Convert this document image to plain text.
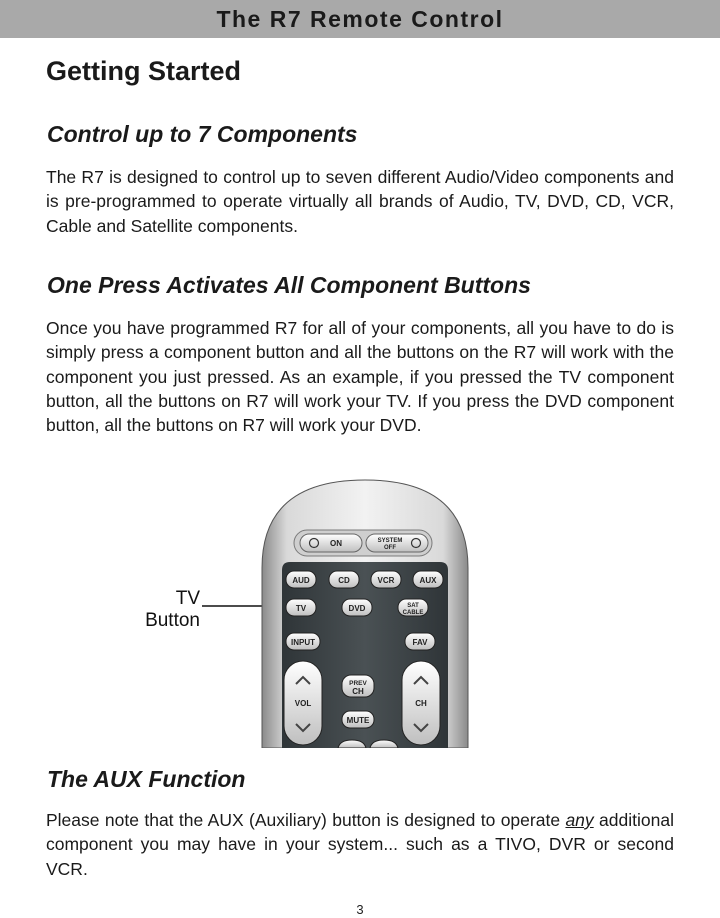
The R7 Remote Control
Getting Started
Control up to 7 Components

The R7 is designed to control up to seven different Audio/Video components and is pre-programmed to operate virtually all brands of Audio, TV, DVD, CD, VCR, Cable and Satellite components.

One Press Activates All Component Buttons

Once you have programmed R7 for all of your components, all you have to do is simply press a component button and all the buttons on the R7 will work with the component you just pressed. As an example, if you pressed the TV component button, all the buttons on R7 will work your TV. If you press the DVD component button, all the buttons on R7 will work your DVD.

TV
Button
ON	SYSTEM
OFF
AUD	CD	VCR	AUX
TV	DVD	SAT
CABLE
INPUT	FAV
VOL	CH
PREV
CH
MUTE
The AUX Function

Please note that the AUX (Auxiliary) button is designed to operate any additional component you may have in your system... such as a TIVO, DVR or second VCR.

3
